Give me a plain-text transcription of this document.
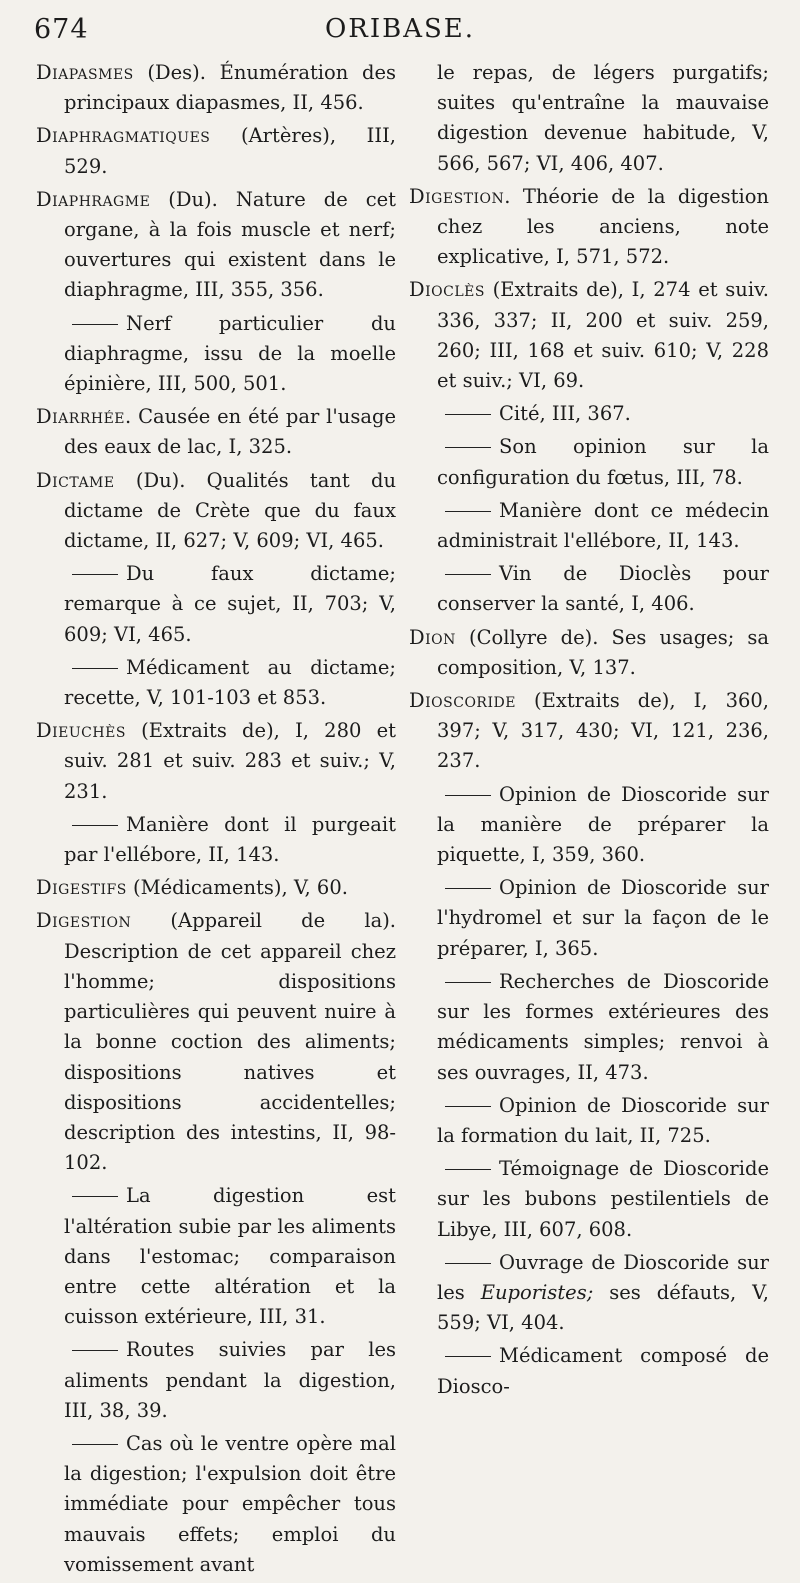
674	ORIBASE.
Diapasmes (Des). Énumération des principaux diapasmes, II, 456.
Diaphragmatiques (Artères), III, 529.
Diaphragme (Du). Nature de cet organe, à la fois muscle et nerf; ouvertures qui existent dans le diaphragme, III, 355, 356.
Nerf particulier du diaphragme, issu de la moelle épinière, III, 500, 501.
Diarrhée. Causée en été par l'usage des eaux de lac, I, 325.
Dictame (Du). Qualités tant du dictame de Crète que du faux dictame, II, 627; V, 609; VI, 465.
Du faux dictame; remarque à ce sujet, II, 703; V, 609; VI, 465.
Médicament au dictame; recette, V, 101-103 et 853.
Dieuchès (Extraits de), I, 280 et suiv. 281 et suiv. 283 et suiv.; V, 231.
Manière dont il purgeait par l'ellébore, II, 143.
Digestifs (Médicaments), V, 60.
Digestion (Appareil de la). Description de cet appareil chez l'homme; dispositions particulières qui peuvent nuire à la bonne coction des aliments; dispositions natives et dispositions accidentelles; description des intestins, II, 98-102.
La digestion est l'altération subie par les aliments dans l'estomac; comparaison entre cette altération et la cuisson extérieure, III, 31.
Routes suivies par les aliments pendant la digestion, III, 38, 39.
Cas où le ventre opère mal la digestion; l'expulsion doit être immédiate pour empêcher tous mauvais effets; emploi du vomissement avant
le repas, de légers purgatifs; suites qu'entraîne la mauvaise digestion devenue habitude, V, 566, 567; VI, 406, 407.
Digestion. Théorie de la digestion chez les anciens, note explicative, I, 571, 572.
Dioclès (Extraits de), I, 274 et suiv. 336, 337; II, 200 et suiv. 259, 260; III, 168 et suiv. 610; V, 228 et suiv.; VI, 69.
Cité, III, 367.
Son opinion sur la configuration du fœtus, III, 78.
Manière dont ce médecin administrait l'ellébore, II, 143.
Vin de Dioclès pour conserver la santé, I, 406.
Dion (Collyre de). Ses usages; sa composition, V, 137.
Dioscoride (Extraits de), I, 360, 397; V, 317, 430; VI, 121, 236, 237.
Opinion de Dioscoride sur la manière de préparer la piquette, I, 359, 360.
Opinion de Dioscoride sur l'hydromel et sur la façon de le préparer, I, 365.
Recherches de Dioscoride sur les formes extérieures des médicaments simples; renvoi à ses ouvrages, II, 473.
Opinion de Dioscoride sur la formation du lait, II, 725.
Témoignage de Dioscoride sur les bubons pestilentiels de Libye, III, 607, 608.
Ouvrage de Dioscoride sur les Euporistes; ses défauts, V, 559; VI, 404.
Médicament composé de Diosco-
